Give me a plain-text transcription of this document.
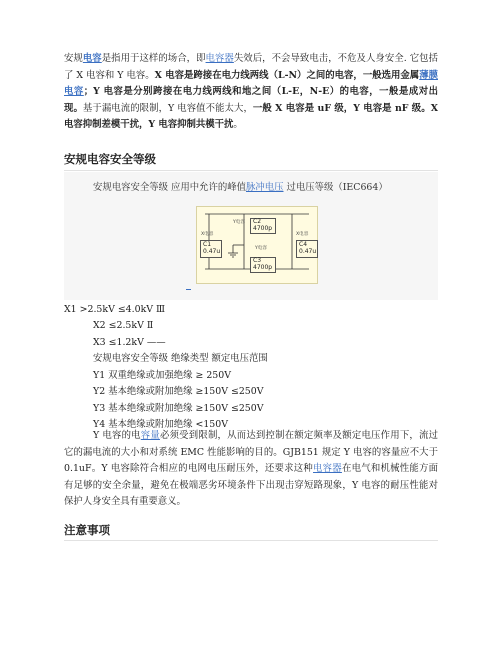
安规电容是指用于这样的场合，即电容器失效后，不会导致电击，不危及人身安全. 它包括了 X 电容和 Y 电容。X 电容是跨接在电力线两线（L-N）之间的电容，一般选用金属薄膜电容；Y 电容是分别跨接在电力线两线和地之间（L-E，N-E）的电容，一般是成对出现。基于漏电流的限制，Y 电容值不能太大，一般 X 电容是 uF 级，Y 电容是 nF 级。X 电容抑制差模干扰，Y 电容抑制共模干扰。
安规电容安全等级
安规电容安全等级 应用中允许的峰值脉冲电压 过电压等级（IEC664）
C1
0.47u
C2
4700p
C3
4700p
C4
0.47u
X电容
Y电容
Y电容
X电容
X1 >2.5kV ≤4.0kV Ⅲ
X2 ≤2.5kV Ⅱ
X3 ≤1.2kV ——
安规电容安全等级 绝缘类型 额定电压范围
Y1 双重绝缘或加强绝缘 ≥ 250V
Y2 基本绝缘或附加绝缘 ≥150V ≤250V
Y3 基本绝缘或附加绝缘 ≥150V ≤250V
Y4 基本绝缘或附加绝缘 <150V
Y 电容的电容量必须受到限制，从而达到控制在额定频率及额定电压作用下，流过它的漏电流的大小和对系统 EMC 性能影响的目的。GJB151 规定 Y 电容的容量应不大于 0.1uF。Y 电容除符合相应的电网电压耐压外，还要求这种电容器在电气和机械性能方面有足够的安全余量，避免在极端恶劣环境条件下出现击穿短路现象，Y 电容的耐压性能对保护人身安全具有重要意义。
注意事项
